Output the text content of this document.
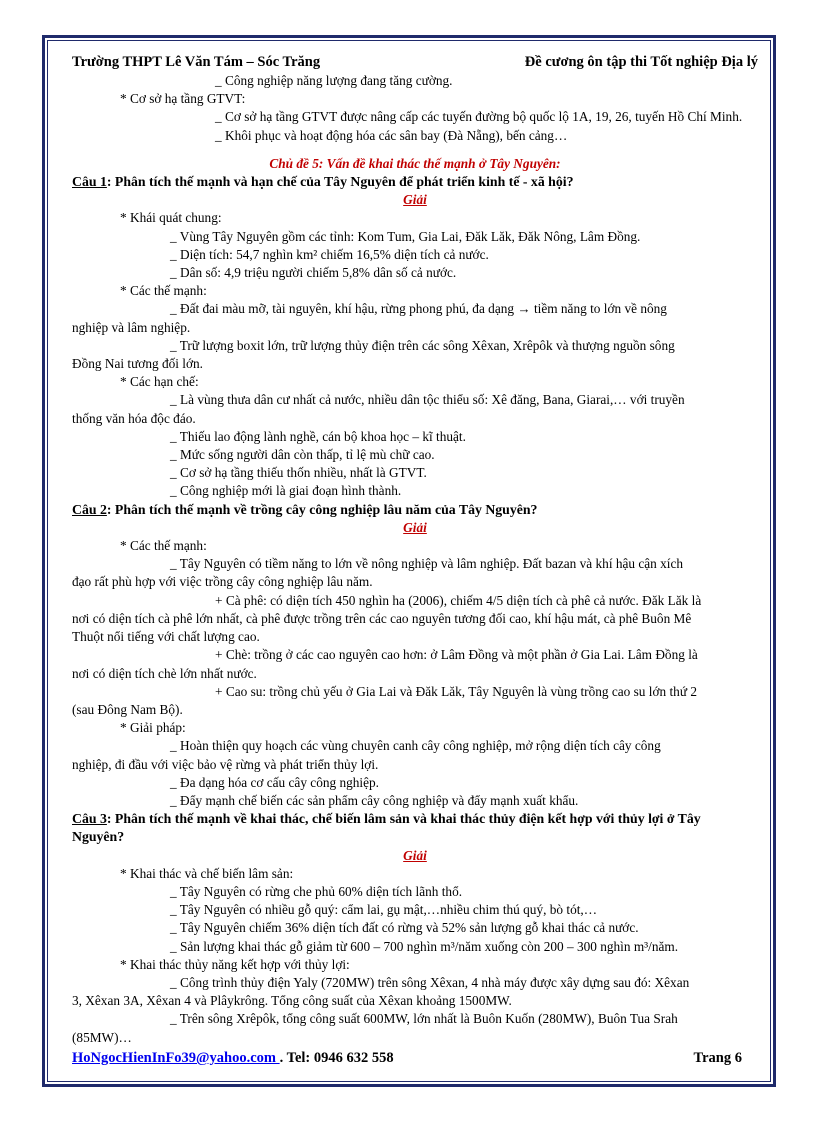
Trường THPT Lê Văn Tám – Sóc Trăng	Đề cương ôn tập thi Tốt nghiệp Địa lý
_ Công nghiệp năng lượng đang tăng cường.
* Cơ sở hạ tầng GTVT:
_ Cơ sở hạ tầng GTVT được nâng cấp các tuyến đường bộ quốc lộ 1A, 19, 26, tuyến Hồ Chí Minh.
_ Khôi phục và hoạt động hóa các sân bay (Đà Nẵng), bến cảng…
Chủ đề 5: Vấn đề khai thác thế mạnh ở Tây Nguyên:
Câu 1: Phân tích thế mạnh và hạn chế của Tây Nguyên để phát triển kinh tế - xã hội?
Giải
* Khái quát chung:
_ Vùng Tây Nguyên gồm các tỉnh: Kom Tum, Gia Lai, Đăk Lăk, Đăk Nông, Lâm Đồng.
_ Diện tích: 54,7 nghìn km² chiếm 16,5% diện tích cả nước.
_ Dân số: 4,9 triệu người chiếm 5,8% dân số cả nước.
* Các thế mạnh:
_ Đất đai màu mỡ, tài nguyên, khí hậu, rừng phong phú, đa dạng → tiềm năng to lớn về nông
nghiệp và lâm nghiệp.
_ Trữ lượng boxit lớn, trữ lượng thủy điện trên các sông Xêxan, Xrêpôk và thượng nguồn sông
Đồng Nai tương đối lớn.
* Các hạn chế:
_ Là vùng thưa dân cư nhất cả nước, nhiều dân tộc thiểu số: Xê đăng, Bana, Giarai,… với truyền
thống văn hóa độc đáo.
_ Thiếu lao động lành nghề, cán bộ khoa học – kĩ thuật.
_ Mức sống người dân còn thấp, tỉ lệ mù chữ cao.
_ Cơ sở hạ tầng thiếu thốn nhiều, nhất là GTVT.
_ Công nghiệp mới là giai đoạn hình thành.
Câu 2: Phân tích thế mạnh về trồng cây công nghiệp lâu năm của Tây Nguyên?
Giải
* Các thế mạnh:
_ Tây Nguyên có tiềm năng to lớn về nông nghiệp và lâm nghiệp. Đất bazan và khí hậu cận xích
đạo rất phù hợp với việc trồng cây công nghiệp lâu năm.
+ Cà phê: có diện tích 450 nghìn ha (2006), chiếm 4/5 diện tích cà phê cả nước. Đăk Lăk là
nơi có diện tích cà phê lớn nhất, cà phê được trồng trên các cao nguyên tương đối cao, khí hậu mát, cà phê Buôn Mê
Thuột nổi tiếng với chất lượng cao.
+ Chè: trồng ở các cao nguyên cao hơn: ở Lâm Đồng và một phần ở Gia Lai. Lâm Đồng là
nơi có diện tích chè lớn nhất nước.
+ Cao su: trồng chủ yếu ở Gia Lai và Đăk Lăk, Tây Nguyên là vùng trồng cao su lớn thứ 2
(sau Đông Nam Bộ).
* Giải pháp:
_ Hoàn thiện quy hoạch các vùng chuyên canh cây công nghiệp, mở rộng diện tích cây công
nghiệp, đi đầu với việc bảo vệ rừng và phát triển thủy lợi.
_ Đa dạng hóa cơ cấu cây công nghiệp.
_ Đẩy mạnh chế biến các sản phẩm cây công nghiệp và đẩy mạnh xuất khẩu.
Câu 3: Phân tích thế mạnh về khai thác, chế biến lâm sản và khai thác thủy điện kết hợp với thủy lợi ở Tây
Nguyên?
Giải
* Khai thác và chế biến lâm sản:
_ Tây Nguyên có rừng che phủ 60% diện tích lãnh thổ.
_ Tây Nguyên có nhiều gỗ quý: cẩm lai, gụ mật,…nhiều chim thú quý, bò tót,…
_ Tây Nguyên chiếm 36% diện tích đất có rừng và 52% sản lượng gỗ khai thác cả nước.
_ Sản lượng khai thác gỗ giảm từ 600 – 700 nghìn m³/năm xuống còn 200 – 300 nghìn m³/năm.
* Khai thác thủy năng kết hợp với thủy lợi:
_ Công trình thủy điện Yaly (720MW) trên sông Xêxan, 4 nhà máy được xây dựng sau đó: Xêxan
3, Xêxan 3A, Xêxan 4 và Plâykrông. Tổng công suất của Xêxan khoảng 1500MW.
_ Trên sông Xrêpôk, tổng công suất 600MW, lớn nhất là Buôn Kuốn (280MW), Buôn Tua Srah
(85MW)…
HoNgocHienInFo39@yahoo.com . Tel: 0946 632 558	Trang 6
